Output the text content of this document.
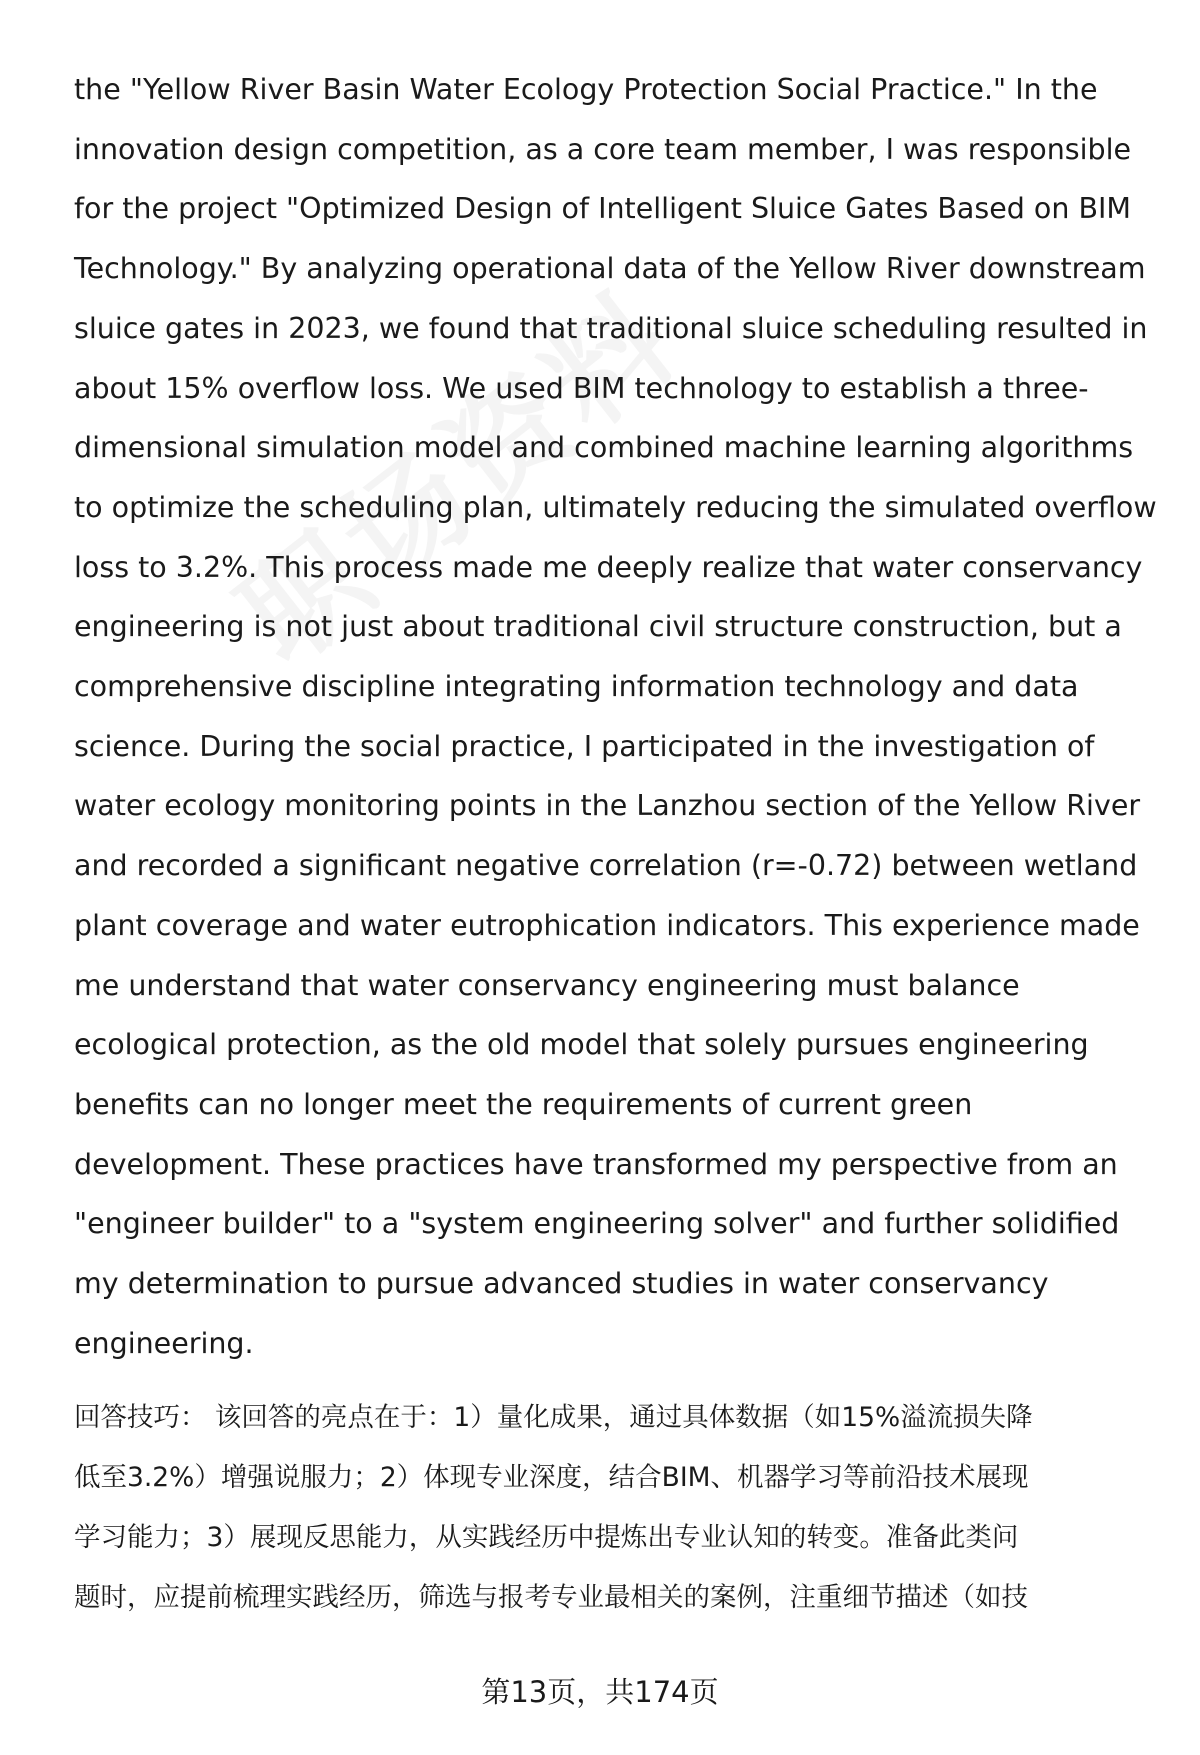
the "Yellow River Basin Water Ecology Protection Social Practice." In the
innovation design competition, as a core team member, I was responsible
for the project "Optimized Design of Intelligent Sluice Gates Based on BIM
Technology." By analyzing operational data of the Yellow River downstream
sluice gates in 2023, we found that traditional sluice scheduling resulted in
about 15% overflow loss. We used BIM technology to establish a three-
dimensional simulation model and combined machine learning algorithms
to optimize the scheduling plan, ultimately reducing the simulated overflow
loss to 3.2%. This process made me deeply realize that water conservancy
engineering is not just about traditional civil structure construction, but a
comprehensive discipline integrating information technology and data
science. During the social practice, I participated in the investigation of
water ecology monitoring points in the Lanzhou section of the Yellow River
and recorded a significant negative correlation (r=-0.72) between wetland
plant coverage and water eutrophication indicators. This experience made
me understand that water conservancy engineering must balance
ecological protection, as the old model that solely pursues engineering
benefits can no longer meet the requirements of current green
development. These practices have transformed my perspective from an
"engineer builder" to a "system engineering solver" and further solidified
my determination to pursue advanced studies in water conservancy
engineering.
回答技巧： 该回答的亮点在于：1）量化成果，通过具体数据（如15%溢流损失降
低至3.2%）增强说服力；2）体现专业深度，结合BIM、机器学习等前沿技术展现
学习能力；3）展现反思能力，从实践经历中提炼出专业认知的转变。准备此类问
题时，应提前梳理实践经历，筛选与报考专业最相关的案例，注重细节描述（如技
第13页，共174页
